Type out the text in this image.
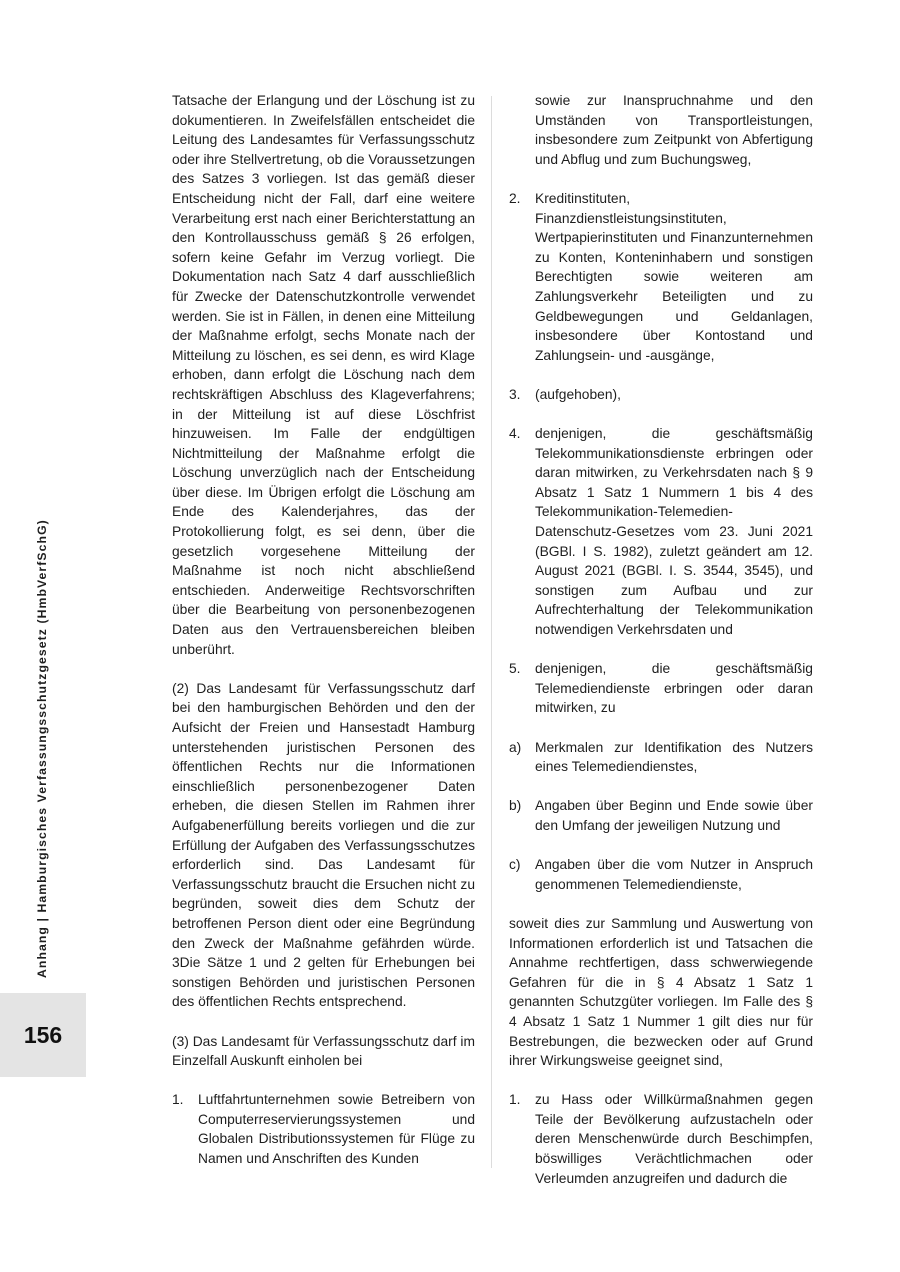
Anhang | Hamburgisches Verfassungsschutzgesetz (HmbVerfSchG)
156

Tatsache der Erlangung und der Löschung ist zu dokumentieren. In Zweifelsfällen entscheidet die Leitung des Landesamtes für Verfassungsschutz oder ihre Stellvertretung, ob die Voraussetzungen des Satzes 3 vorliegen. Ist das gemäß dieser Entscheidung nicht der Fall, darf eine weitere Verarbeitung erst nach einer Berichterstattung an den Kontrollausschuss gemäß § 26 erfolgen, sofern keine Gefahr im Verzug vorliegt. Die Dokumentation nach Satz 4 darf ausschließlich für Zwecke der Datenschutzkontrolle verwendet werden. Sie ist in Fällen, in denen eine Mitteilung der Maßnahme erfolgt, sechs Monate nach der Mitteilung zu löschen, es sei denn, es wird Klage erhoben, dann erfolgt die Löschung nach dem rechtskräftigen Abschluss des Klageverfahrens; in der Mitteilung ist auf diese Löschfrist hinzuweisen. Im Falle der endgültigen Nichtmitteilung der Maßnahme erfolgt die Löschung unverzüglich nach der Entscheidung über diese. Im Übrigen erfolgt die Löschung am Ende des Kalenderjahres, das der Protokollierung folgt, es sei denn, über die gesetzlich vorgesehene Mitteilung der Maßnahme ist noch nicht abschließend entschieden. Anderweitige Rechtsvorschriften über die Bearbeitung von personenbezogenen Daten aus den Vertrauensbereichen bleiben unberührt.

(2) Das Landesamt für Verfassungsschutz darf bei den hamburgischen Behörden und den der Aufsicht der Freien und Hansestadt Hamburg unterstehenden juristischen Personen des öffentlichen Rechts nur die Informationen einschließlich personenbezogener Daten erheben, die diesen Stellen im Rahmen ihrer Aufgabenerfüllung bereits vorliegen und die zur Erfüllung der Aufgaben des Verfassungsschutzes erforderlich sind. Das Landesamt für Verfassungsschutz braucht die Ersuchen nicht zu begründen, soweit dies dem Schutz der betroffenen Person dient oder eine Begründung den Zweck der Maßnahme gefährden würde. 3Die Sätze 1 und 2 gelten für Erhebungen bei sonstigen Behörden und juristischen Personen des öffentlichen Rechts entsprechend.

(3) Das Landesamt für Verfassungsschutz darf im Einzelfall Auskunft einholen bei

1.	Luftfahrtunternehmen sowie Betreibern von Computerreservierungssystemen und Globalen Distributionssystemen für Flüge zu Namen und Anschriften des Kunden
sowie zur Inanspruchnahme und den Umständen von Transportleistungen, insbesondere zum Zeitpunkt von Abfertigung und Abflug und zum Buchungsweg,
2.	Kreditinstituten, Finanzdienstleistungsinstituten, Wertpapierinstituten und Finanzunternehmen zu Konten, Konteninhabern und sonstigen Berechtigten sowie weiteren am Zahlungsverkehr Beteiligten und zu Geldbewegungen und Geldanlagen, insbesondere über Kontostand und Zahlungsein- und -ausgänge,
3.	(aufgehoben),
4.	denjenigen, die geschäftsmäßig Telekommunikationsdienste erbringen oder daran mitwirken, zu Verkehrsdaten nach § 9 Absatz 1 Satz 1 Nummern 1 bis 4 des Telekommunikation-Telemedien-Datenschutz-Gesetzes vom 23. Juni 2021 (BGBl. I S. 1982), zuletzt geändert am 12. August 2021 (BGBl. I. S. 3544, 3545), und sonstigen zum Aufbau und zur Aufrechterhaltung der Telekommunikation notwendigen Verkehrsdaten und
5.	denjenigen, die geschäftsmäßig Telemediendienste erbringen oder daran mitwirken, zu
a) Merkmalen zur Identifikation des Nutzers eines Telemediendienstes,
b) Angaben über Beginn und Ende sowie über den Umfang der jeweiligen Nutzung und
c)	Angaben über die vom Nutzer in Anspruch genommenen Telemediendienste,

soweit dies zur Sammlung und Auswertung von Informationen erforderlich ist und Tatsachen die Annahme rechtfertigen, dass schwerwiegende Gefahren für die in § 4 Absatz 1 Satz 1 genannten Schutzgüter vorliegen. Im Falle des § 4 Absatz 1 Satz 1 Nummer 1 gilt dies nur für Bestrebungen, die bezwecken oder auf Grund ihrer Wirkungsweise geeignet sind,

1.	zu Hass oder Willkürmaßnahmen gegen Teile der Bevölkerung aufzustacheln oder deren Menschenwürde durch Beschimpfen, böswilliges Verächtlichmachen oder Verleumden anzugreifen und dadurch die
